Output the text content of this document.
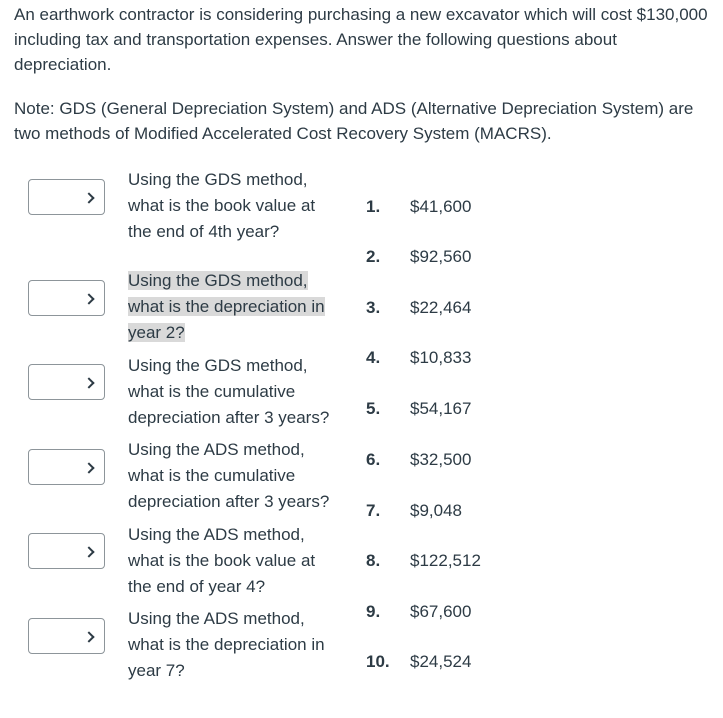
An earthwork contractor is considering purchasing a new excavator which will cost $130,000 including tax and transportation expenses. Answer the following questions about depreciation.

Note: GDS (General Depreciation System) and ADS (Alternative Depreciation System) are two methods of Modified Accelerated Cost Recovery System (MACRS).

Using the GDS method,
what is the book value at
the end of 4th year?

Using the GDS method,
what is the depreciation in
year 2?

Using the GDS method,
what is the cumulative
depreciation after 3 years?

Using the ADS method,
what is the cumulative
depreciation after 3 years?

Using the ADS method,
what is the book value at
the end of year 4?

Using the ADS method,
what is the depreciation in
year 7?

1. $41,600
2. $92,560
3. $22,464
4. $10,833
5. $54,167
6. $32,500
7. $9,048
8. $122,512
9. $67,600
10. $24,524
